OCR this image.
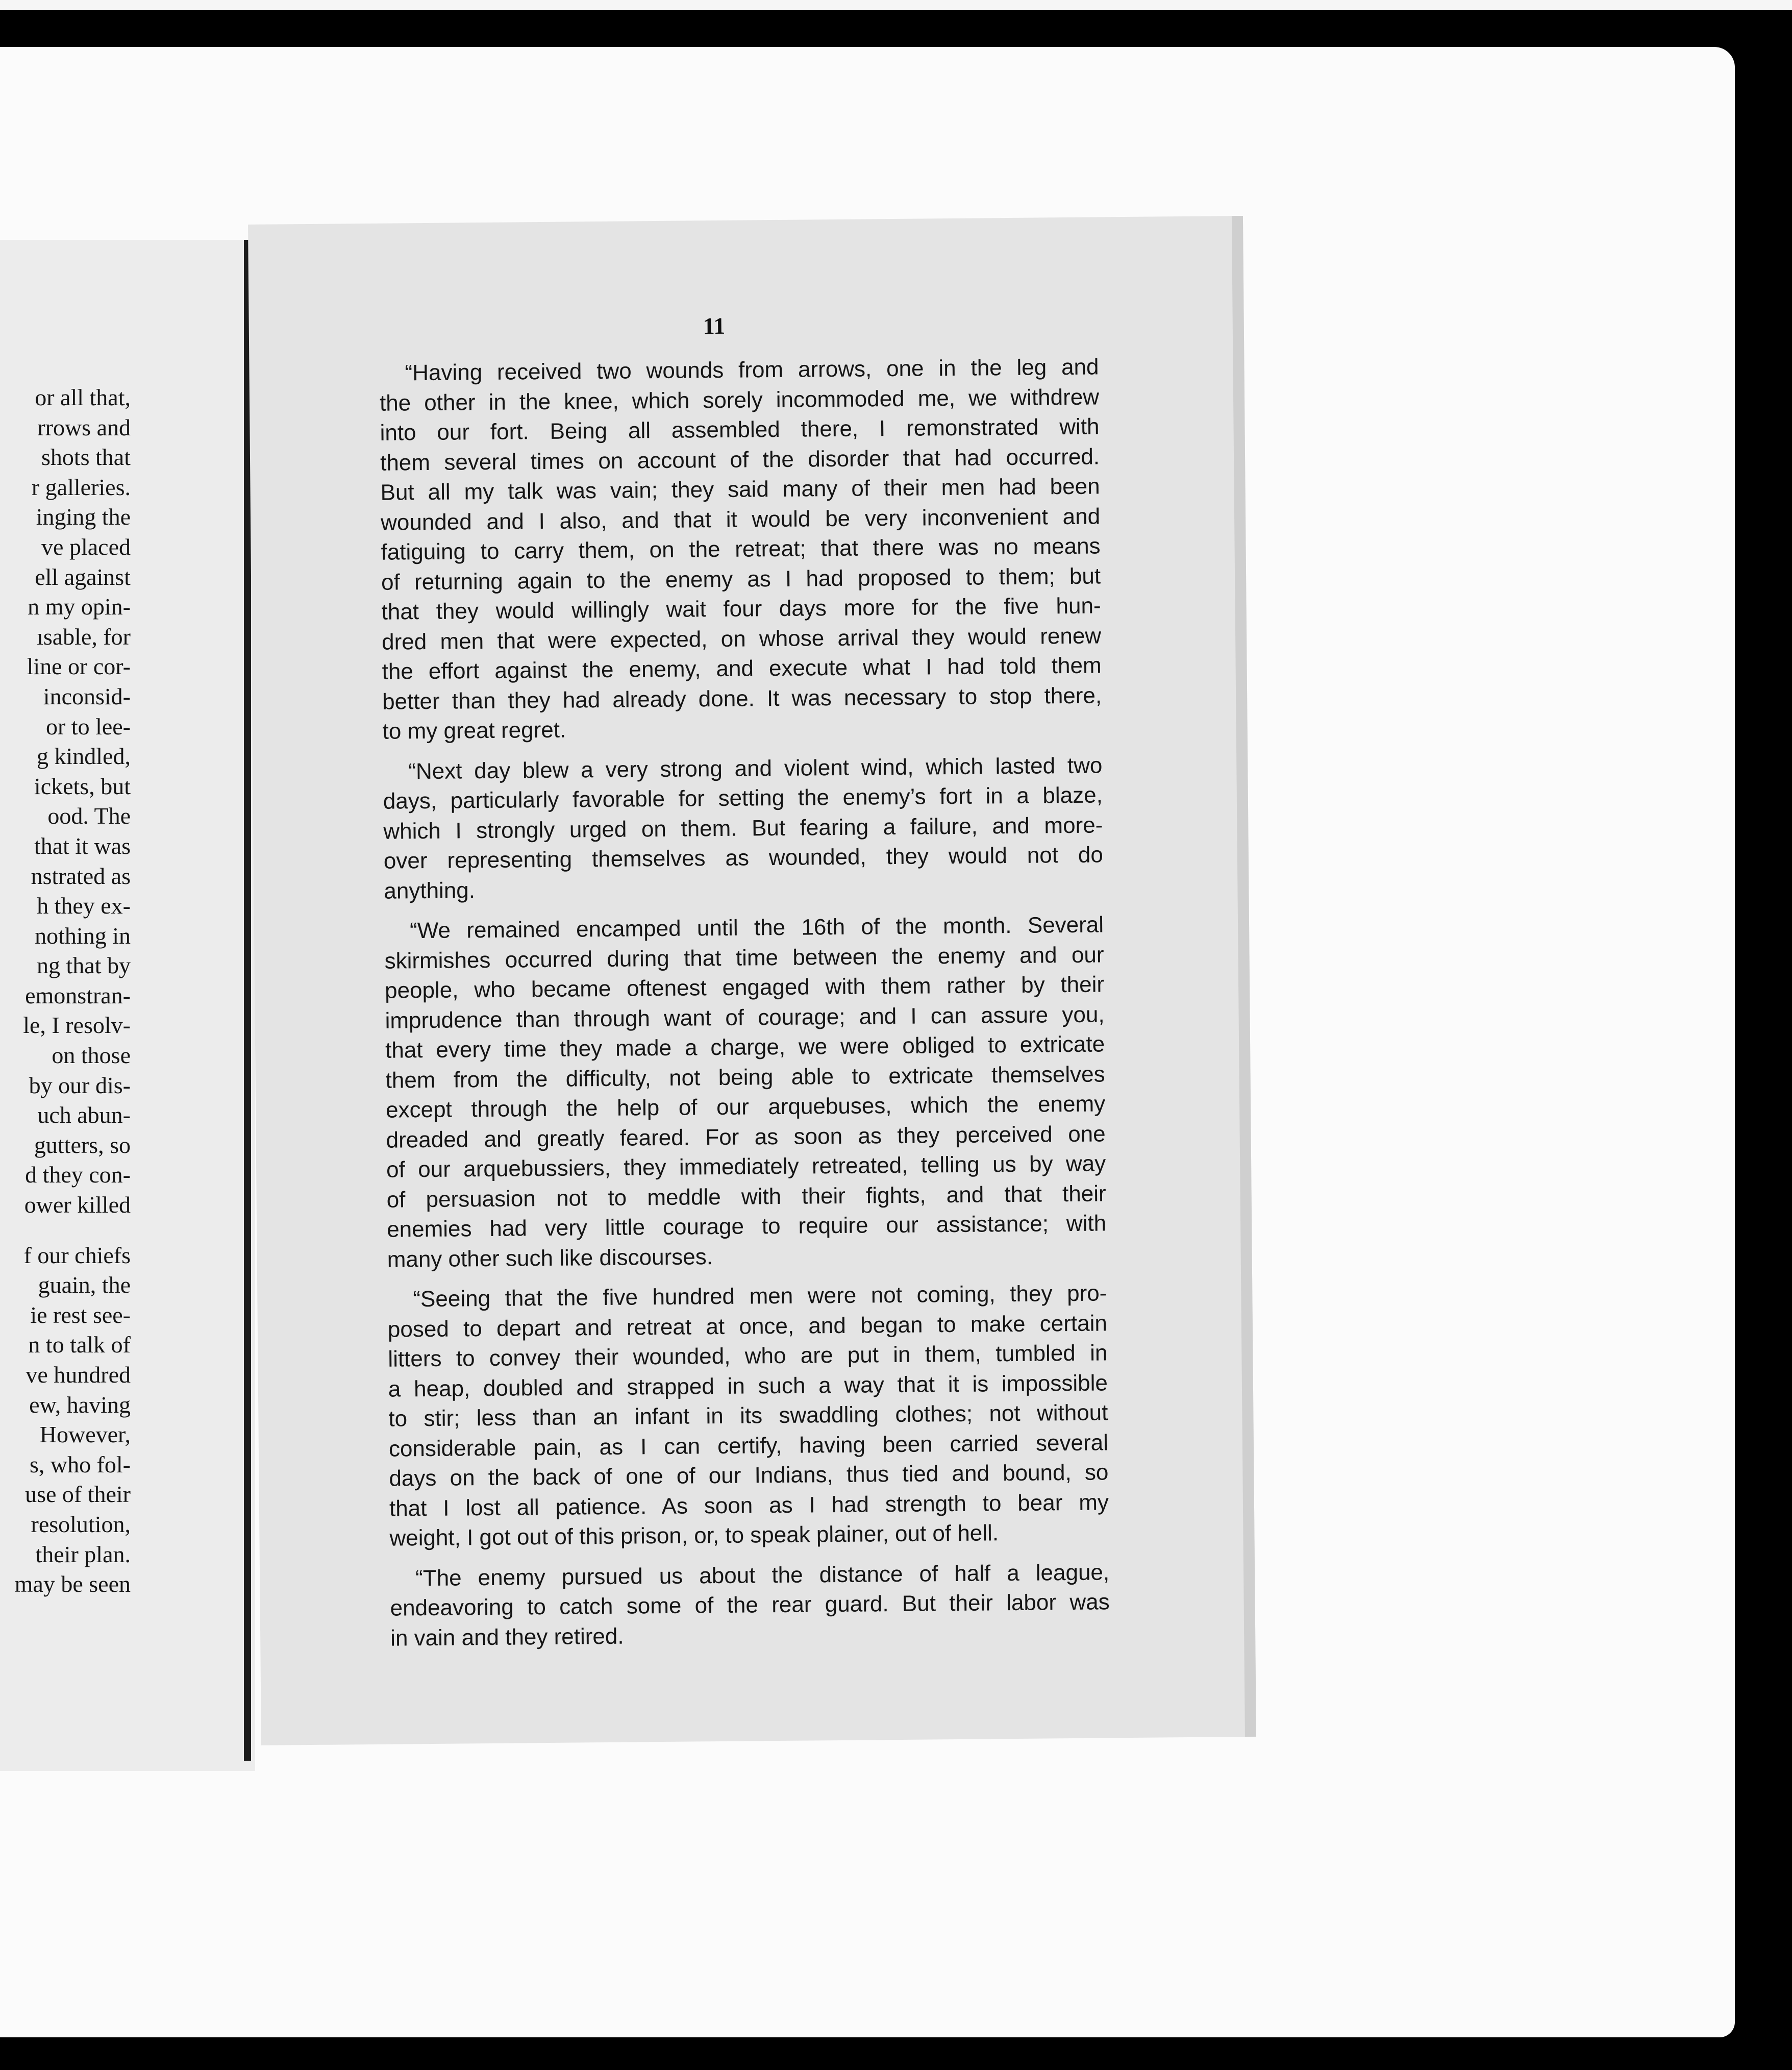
or all that,
rrows and
shots that
r galleries.
inging the
ve placed
ell against
n my opin-
ısable, for
line or cor-
inconsid-
or to lee-
g kindled,
ickets, but
ood. The
that it was
nstrated as
h they ex-
nothing in
ng that by
emonstran-
le, I resolv-
on those
by our dis-
uch abun-
gutters, so
d they con-
ower killed
f our chiefs
guain, the
ie rest see-
n to talk of
ve hundred
ew, having
However,
s, who fol-
use of their
resolution,
their plan.
may be seen
11
“Having received two wounds from arrows, one in the leg and
the other in the knee, which sorely incommoded me, we withdrew
into our fort. Being all assembled there, I remonstrated with
them several times on account of the disorder that had occurred.
But all my talk was vain; they said many of their men had been
wounded and I also, and that it would be very inconvenient and
fatiguing to carry them, on the retreat; that there was no means
of returning again to the enemy as I had proposed to them; but
that they would willingly wait four days more for the five hun-
dred men that were expected, on whose arrival they would renew
the effort against the enemy, and execute what I had told them
better than they had already done. It was necessary to stop there,
to my great regret.
“Next day blew a very strong and violent wind, which lasted two
days, particularly favorable for setting the enemy’s fort in a blaze,
which I strongly urged on them. But fearing a failure, and more-
over representing themselves as wounded, they would not do
anything.
“We remained encamped until the 16th of the month. Several
skirmishes occurred during that time between the enemy and our
people, who became oftenest engaged with them rather by their
imprudence than through want of courage; and I can assure you,
that every time they made a charge, we were obliged to extricate
them from the difficulty, not being able to extricate themselves
except through the help of our arquebuses, which the enemy
dreaded and greatly feared. For as soon as they perceived one
of our arquebussiers, they immediately retreated, telling us by way
of persuasion not to meddle with their fights, and that their
enemies had very little courage to require our assistance; with
many other such like discourses.
“Seeing that the five hundred men were not coming, they pro-
posed to depart and retreat at once, and began to make certain
litters to convey their wounded, who are put in them, tumbled in
a heap, doubled and strapped in such a way that it is impossible
to stir; less than an infant in its swaddling clothes; not without
considerable pain, as I can certify, having been carried several
days on the back of one of our Indians, thus tied and bound, so
that I lost all patience. As soon as I had strength to bear my
weight, I got out of this prison, or, to speak plainer, out of hell.
“The enemy pursued us about the distance of half a league,
endeavoring to catch some of the rear guard. But their labor was
in vain and they retired.
